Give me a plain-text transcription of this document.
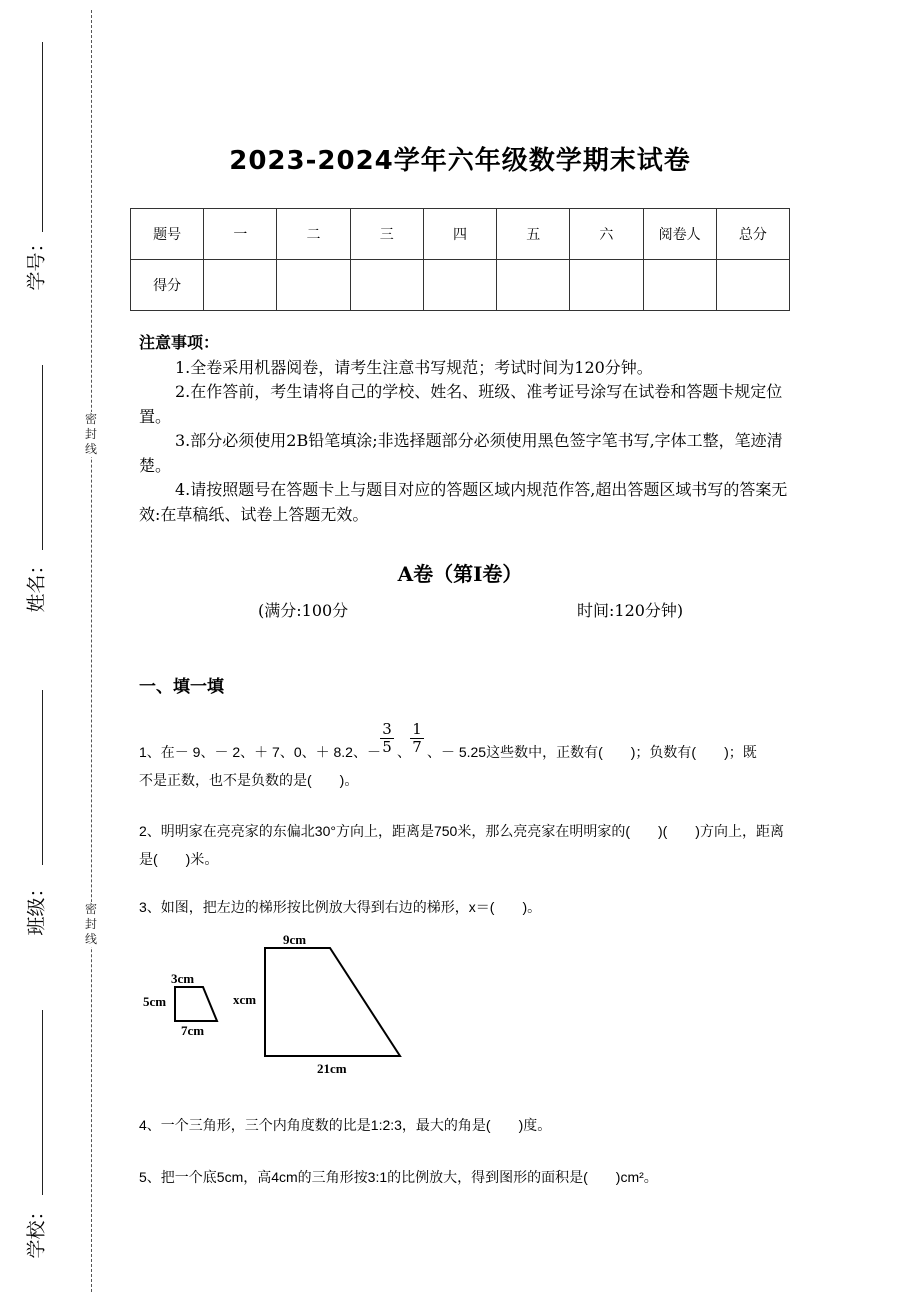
学号：
姓名：
班级：
学校：
密
封
线
密
封
线
2023-2024学年六年级数学期末试卷
题号	一	二	三	四	五	六	阅卷人	总分
得分								
注意事项：

1.全卷采用机器阅卷，请考生注意书写规范；考试时间为120分钟。

2.在作答前，考生请将自己的学校、姓名、班级、准考证号涂写在试卷和答题卡规定位置。

3.部分必须使用2B铅笔填涂;非选择题部分必须使用黑色签字笔书写,字体工整，笔迹清楚。

4.请按照题号在答题卡上与题目对应的答题区域内规范作答,超出答题区域书写的答案无效:在草稿纸、试卷上答题无效。

A卷（第I卷）
(满分:100分	时间:120分钟)
一、填一填
1、在－ 9、－ 2、＋ 7、0、＋ 8.2、－ 、 、－ 5.25这些数中，正数有(　　)；负数有(　　)；既
不是正数，也不是负数的是(　　)。
3
5
1
7
2、明明家在亮亮家的东偏北30°方向上，距离是750米，那么亮亮家在明明家的(　　)(　　)方向上，距离是(　　)米。
3、如图，把左边的梯形按比例放大得到右边的梯形，x＝(　　)。
3cm
5cm
7cm
9cm
xcm
21cm
4、一个三角形，三个内角度数的比是1:2:3，最大的角是(　　)度。
5、把一个底5cm，高4cm的三角形按3:1的比例放大，得到图形的面积是(　　)cm²。
